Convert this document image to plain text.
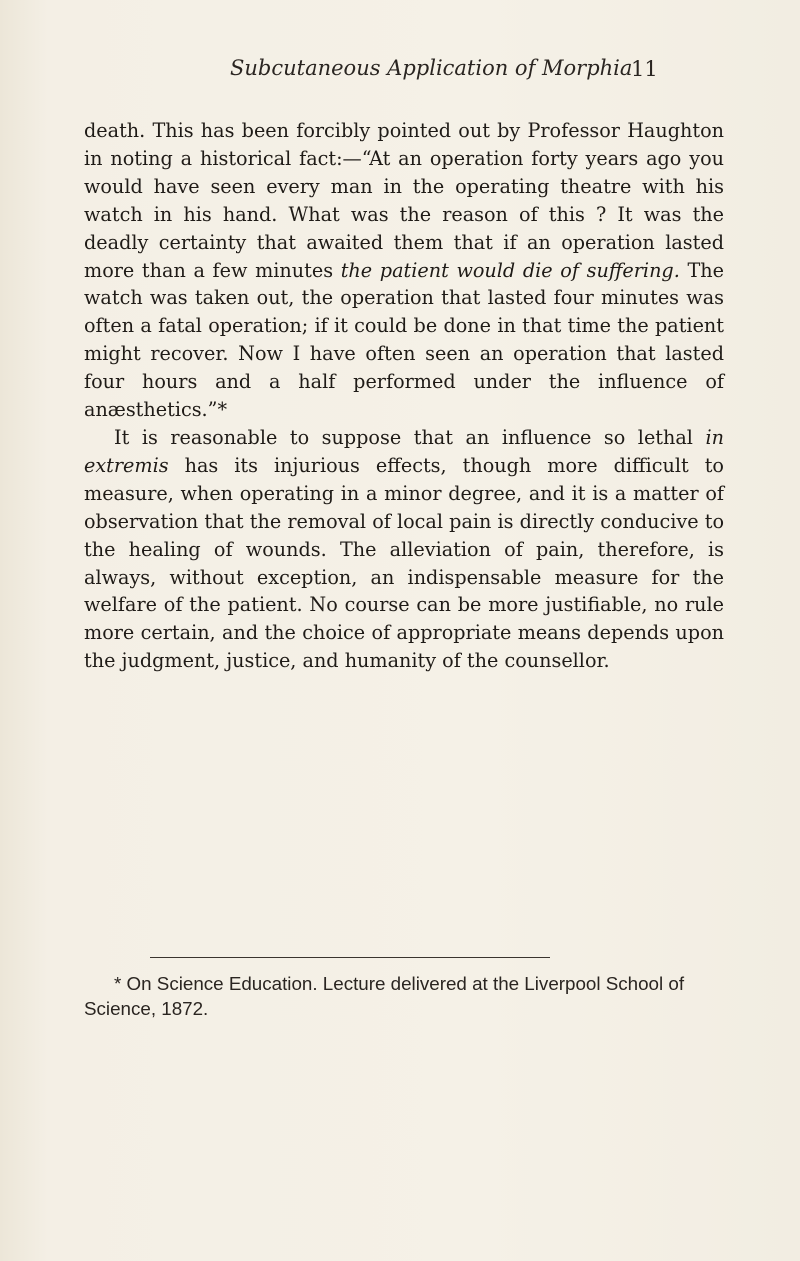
Subcutaneous Application of Morphia
11

death. This has been forcibly pointed out by Professor Haughton in noting a historical fact:—“At an operation forty years ago you would have seen every man in the operating theatre with his watch in his hand. What was the reason of this ? It was the deadly certainty that awaited them that if an operation lasted more than a few minutes the patient would die of suffering. The watch was taken out, the operation that lasted four minutes was often a fatal operation; if it could be done in that time the patient might recover. Now I have often seen an operation that lasted four hours and a half performed under the influence of anæsthetics.”*

It is reasonable to suppose that an influence so lethal in extremis has its injurious effects, though more difficult to measure, when operating in a minor degree, and it is a matter of observation that the removal of local pain is directly conducive to the healing of wounds. The alleviation of pain, therefore, is always, without exception, an indispensable measure for the welfare of the patient. No course can be more justifiable, no rule more certain, and the choice of appropriate means depends upon the judgment, justice, and humanity of the counsellor.

* On Science Education. Lecture delivered at the Liverpool School of Science, 1872.
